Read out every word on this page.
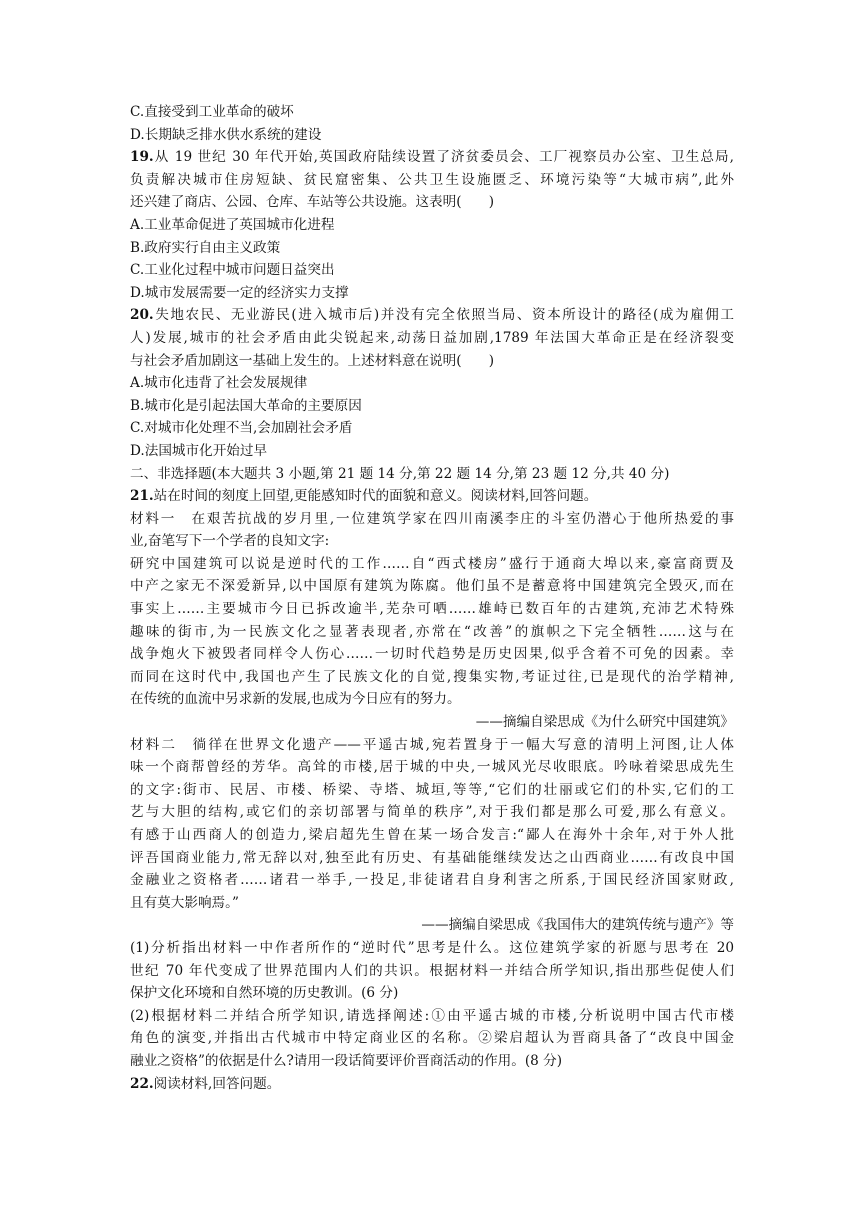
C.直接受到工业革命的破坏
D.长期缺乏排水供水系统的建设
19.从 19 世纪 30 年代开始,英国政府陆续设置了济贫委员会、工厂视察员办公室、卫生总局,
负责解决城市住房短缺、贫民窟密集、公共卫生设施匮乏、环境污染等“大城市病”,此外
还兴建了商店、公园、仓库、车站等公共设施。这表明(　　)
A.工业革命促进了英国城市化进程
B.政府实行自由主义政策
C.工业化过程中城市问题日益突出
D.城市发展需要一定的经济实力支撑
20.失地农民、无业游民(进入城市后)并没有完全依照当局、资本所设计的路径(成为雇佣工
人)发展,城市的社会矛盾由此尖锐起来,动荡日益加剧,1789 年法国大革命正是在经济裂变
与社会矛盾加剧这一基础上发生的。上述材料意在说明(　　)
A.城市化违背了社会发展规律
B.城市化是引起法国大革命的主要原因
C.对城市化处理不当,会加剧社会矛盾
D.法国城市化开始过早
二、非选择题(本大题共 3 小题,第 21 题 14 分,第 22 题 14 分,第 23 题 12 分,共 40 分)
21.站在时间的刻度上回望,更能感知时代的面貌和意义。阅读材料,回答问题。
材料一　在艰苦抗战的岁月里,一位建筑学家在四川南溪李庄的斗室仍潜心于他所热爱的事
业,奋笔写下一个学者的良知文字:
研究中国建筑可以说是逆时代的工作……自“西式楼房”盛行于通商大埠以来,豪富商贾及
中产之家无不深爱新异,以中国原有建筑为陈腐。他们虽不是蓄意将中国建筑完全毁灭,而在
事实上……主要城市今日已拆改逾半,芜杂可哂……雄峙已数百年的古建筑,充沛艺术特殊
趣味的街市,为一民族文化之显著表现者,亦常在“改善”的旗帜之下完全牺牲……这与在
战争炮火下被毁者同样令人伤心……一切时代趋势是历史因果,似乎含着不可免的因素。幸
而同在这时代中,我国也产生了民族文化的自觉,搜集实物,考证过往,已是现代的治学精神,
在传统的血流中另求新的发展,也成为今日应有的努力。
——摘编自梁思成《为什么研究中国建筑》
材料二　徜徉在世界文化遗产——平遥古城,宛若置身于一幅大写意的清明上河图,让人体
味一个商帮曾经的芳华。高耸的市楼,居于城的中央,一城风光尽收眼底。吟咏着梁思成先生
的文字:街市、民居、市楼、桥梁、寺塔、城垣,等等,“它们的壮丽或它们的朴实,它们的工
艺与大胆的结构,或它们的亲切部署与简单的秩序”,对于我们都是那么可爱,那么有意义。
有感于山西商人的创造力,梁启超先生曾在某一场合发言:“鄙人在海外十余年,对于外人批
评吾国商业能力,常无辞以对,独至此有历史、有基础能继续发达之山西商业……有改良中国
金融业之资格者……诸君一举手,一投足,非徒诸君自身利害之所系,于国民经济国家财政,
且有莫大影响焉。”
——摘编自梁思成《我国伟大的建筑传统与遗产》等
(1)分析指出材料一中作者所作的“逆时代”思考是什么。这位建筑学家的祈愿与思考在 20
世纪 70 年代变成了世界范围内人们的共识。根据材料一并结合所学知识,指出那些促使人们
保护文化环境和自然环境的历史教训。(6 分)
(2)根据材料二并结合所学知识,请选择阐述:①由平遥古城的市楼,分析说明中国古代市楼
角色的演变,并指出古代城市中特定商业区的名称。②梁启超认为晋商具备了“改良中国金
融业之资格”的依据是什么?请用一段话简要评价晋商活动的作用。(8 分)
22.阅读材料,回答问题。
